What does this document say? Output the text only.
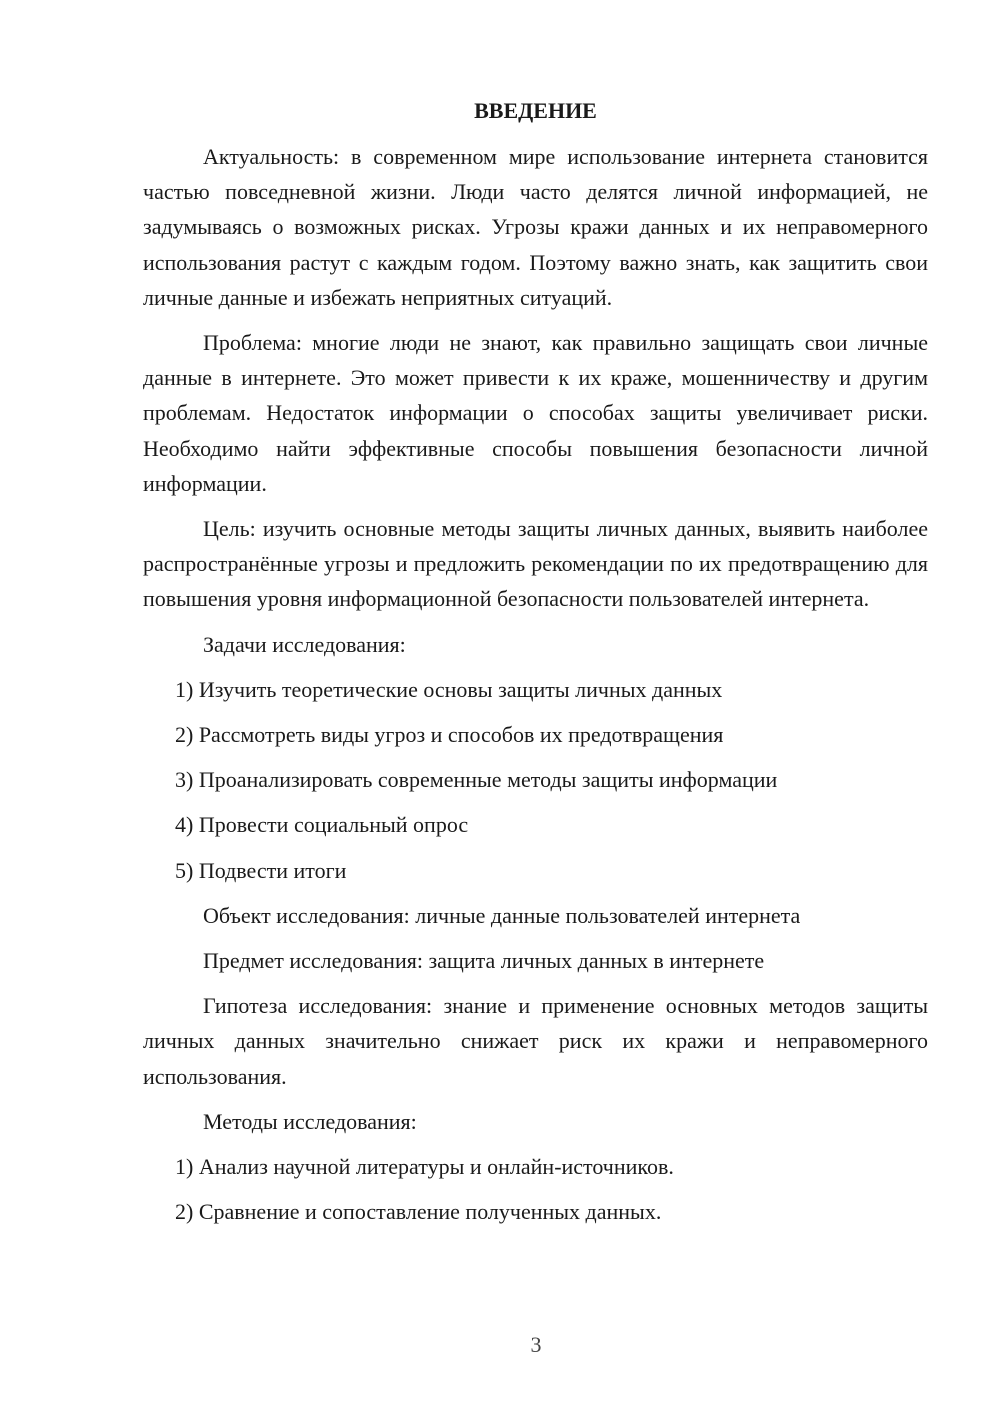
ВВЕДЕНИЕ

Актуальность: в современном мире использование интернета становится частью повседневной жизни. Люди часто делятся личной информацией, не задумываясь о возможных рисках. Угрозы кражи данных и их неправомерного использования растут с каждым годом. Поэтому важно знать, как защитить свои личные данные и избежать неприятных ситуаций.

Проблема: многие люди не знают, как правильно защищать свои личные данные в интернете. Это может привести к их краже, мошенничеству и другим проблемам. Недостаток информации о способах защиты увеличивает риски. Необходимо найти эффективные способы повышения безопасности личной информации.

Цель: изучить основные методы защиты личных данных, выявить наиболее распространённые угрозы и предложить рекомендации по их предотвращению для повышения уровня информационной безопасности пользователей интернета.

Задачи исследования:
1) Изучить теоретические основы защиты личных данных
2) Рассмотреть виды угроз и способов их предотвращения
3) Проанализировать современные методы защиты информации
4) Провести социальный опрос
5) Подвести итоги
Объект исследования: личные данные пользователей интернета
Предмет исследования: защита личных данных в интернете

Гипотеза исследования: знание и применение основных методов защиты личных данных значительно снижает риск их кражи и неправомерного использования.

Методы исследования:
1) Анализ научной литературы и онлайн-источников.
2) Сравнение и сопоставление полученных данных.
3
